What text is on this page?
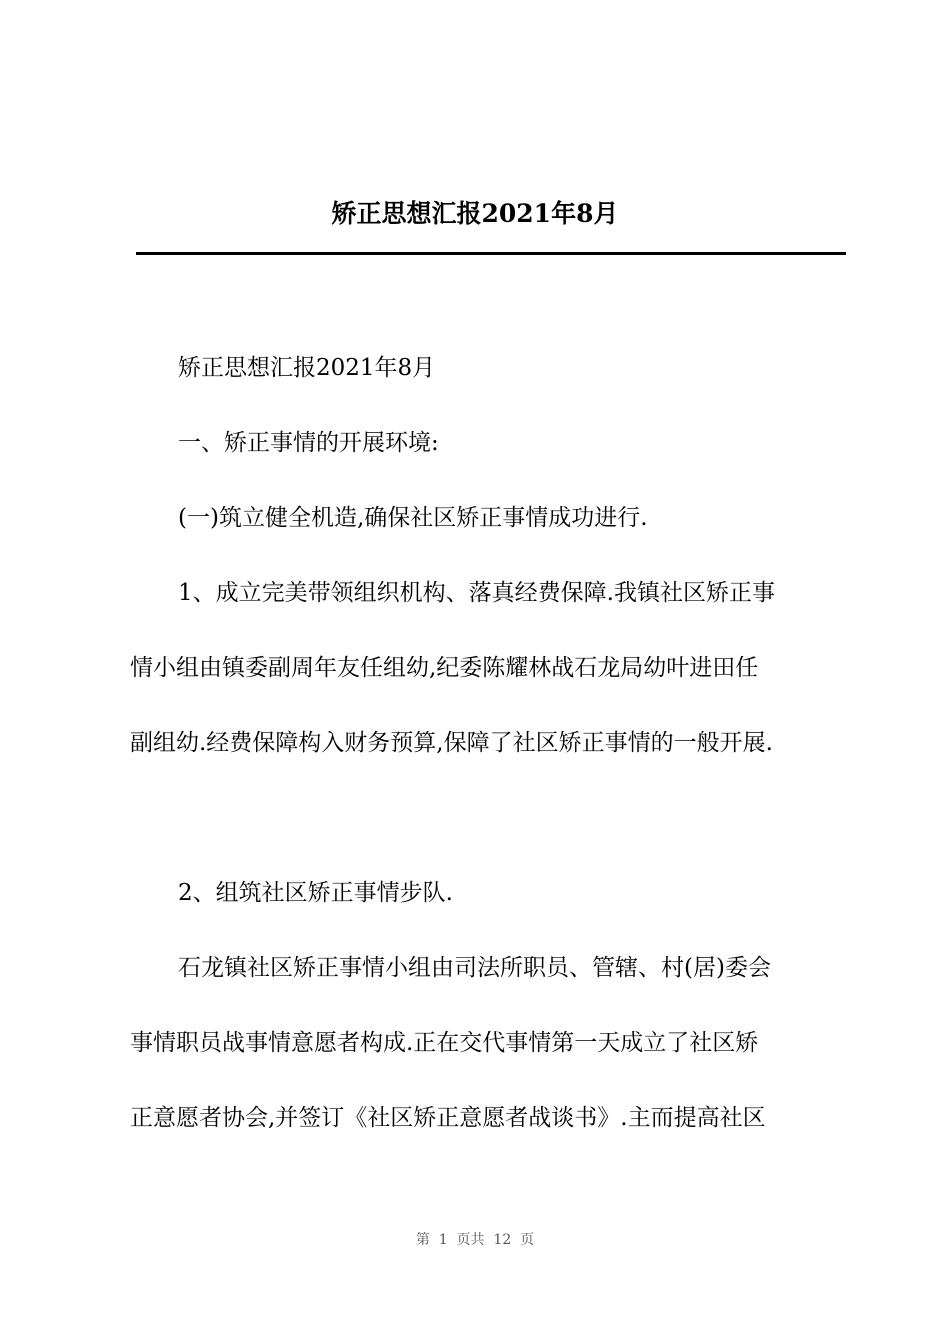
矫正思想汇报2021年8月
矫正思想汇报2021年8月
一、矫正事情的开展环境:
(一)筑立健全机造,确保社区矫正事情成功进行.
1、成立完美带领组织机构、落真经费保障.我镇社区矫正事
情小组由镇委副周年友任组幼,纪委陈耀林战石龙局幼叶进田任
副组幼.经费保障构入财务预算,保障了社区矫正事情的一般开展.
2、组筑社区矫正事情步队.
石龙镇社区矫正事情小组由司法所职员、管辖、村(居)委会
事情职员战事情意愿者构成.正在交代事情第一天成立了社区矫
正意愿者协会,并签订《社区矫正意愿者战谈书》.主而提高社区
第  1  页共  12  页
